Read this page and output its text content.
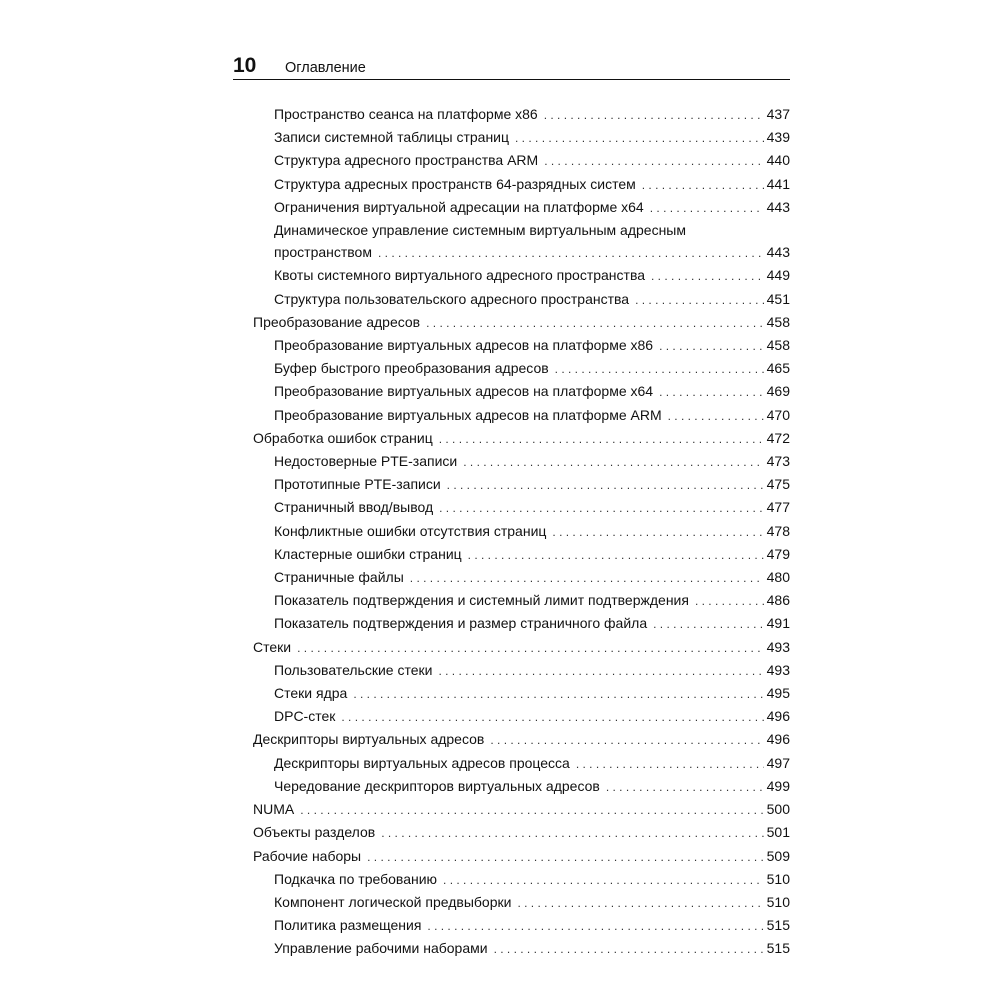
10	Оглавление
Пространство сеанса на платформе x86 . . .	437
Записи системной таблицы страниц . . .	439
Структура адресного пространства ARM . . .	440
Структура адресных пространств 64-разрядных систем . . .	441
Ограничения виртуальной адресации на платформе x64 . . .	443
Динамическое управление системным виртуальным адресным
пространством . . .	443
Квоты системного виртуального адресного пространства . . .	449
Структура пользовательского адресного пространства . . .	451
Преобразование адресов . . .	458
Преобразование виртуальных адресов на платформе x86 . . .	458
Буфер быстрого преобразования адресов . . .	465
Преобразование виртуальных адресов на платформе x64 . . .	469
Преобразование виртуальных адресов на платформе ARM . . .	470
Обработка ошибок страниц . . .	472
Недостоверные PTE-записи . . .	473
Прототипные PTE-записи . . .	475
Страничный ввод/вывод . . .	477
Конфликтные ошибки отсутствия страниц . . .	478
Кластерные ошибки страниц . . .	479
Страничные файлы . . .	480
Показатель подтверждения и системный лимит подтверждения . . .	486
Показатель подтверждения и размер страничного файла . . .	491
Стеки . . .	493
Пользовательские стеки . . .	493
Стеки ядра . . .	495
DPC-стек . . .	496
Дескрипторы виртуальных адресов . . .	496
Дескрипторы виртуальных адресов процесса . . .	497
Чередование дескрипторов виртуальных адресов . . .	499
NUMA . . .	500
Объекты разделов . . .	501
Рабочие наборы . . .	509
Подкачка по требованию . . .	510
Компонент логической предвыборки . . .	510
Политика размещения . . .	515
Управление рабочими наборами . . .	515
